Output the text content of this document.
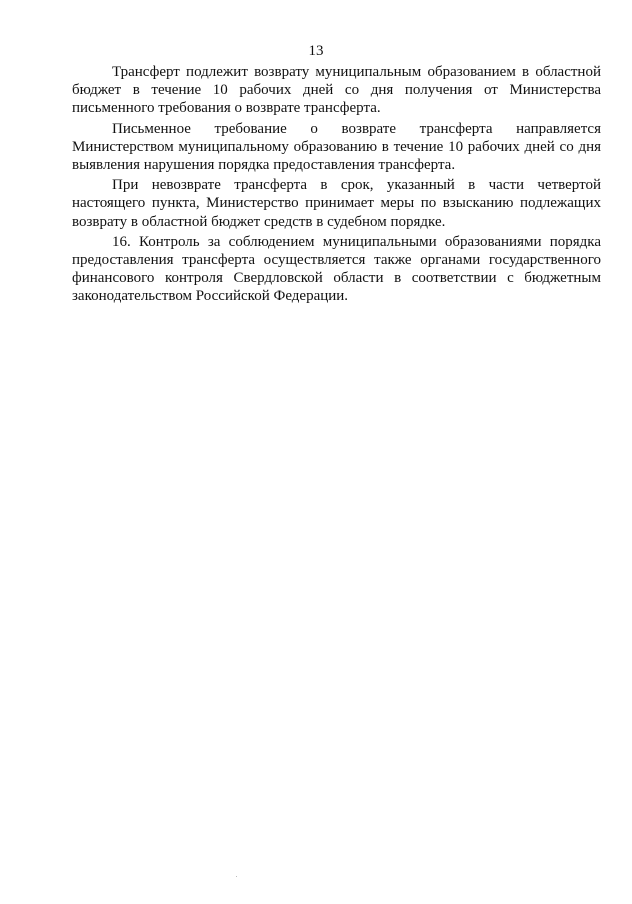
13

Трансферт подлежит возврату муниципальным образованием в областной бюджет в течение 10 рабочих дней со дня получения от Министерства письменного требования о возврате трансферта.

Письменное требование о возврате трансферта направляется Министерством муниципальному образованию в течение 10 рабочих дней со дня выявления нарушения порядка предоставления трансферта.

При невозврате трансферта в срок, указанный в части четвертой настоящего пункта, Министерство принимает меры по взысканию подлежащих возврату в областной бюджет средств в судебном порядке.

16. Контроль за соблюдением муниципальными образованиями порядка предоставления трансферта осуществляется также органами государственного финансового контроля Свердловской области в соответствии с бюджетным законодательством Российской Федерации.
